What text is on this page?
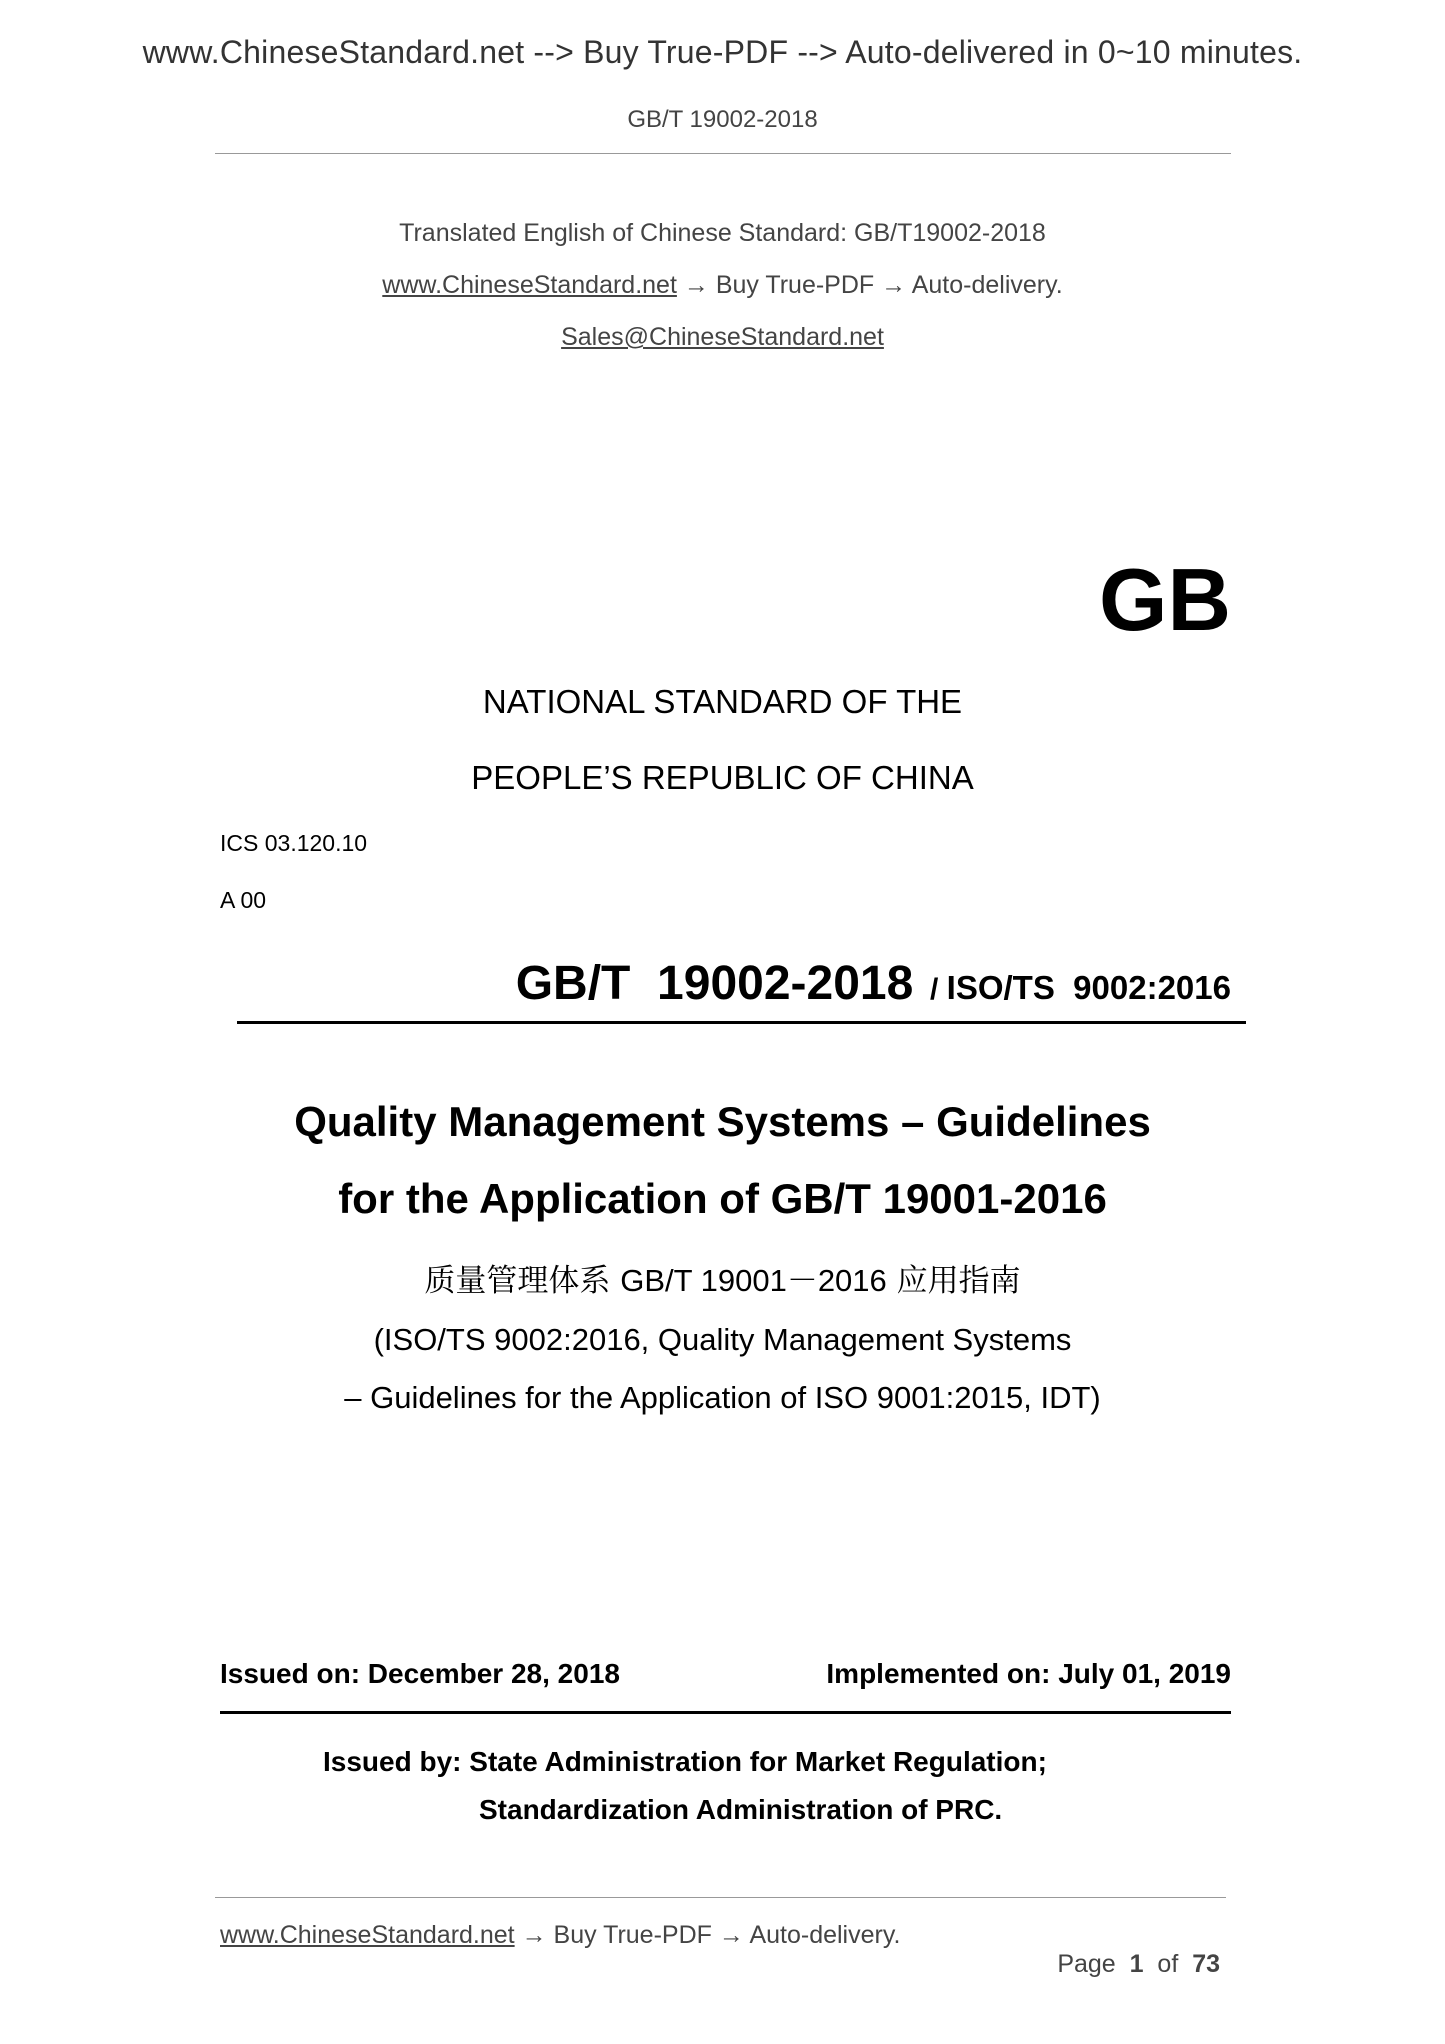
www.ChineseStandard.net --> Buy True-PDF --> Auto-delivered in 0~10 minutes.
GB/T 19002-2018
Translated English of Chinese Standard: GB/T19002-2018
www.ChineseStandard.net → Buy True-PDF → Auto-delivery.
Sales@ChineseStandard.net
GB
NATIONAL STANDARD OF THE
PEOPLE’S REPUBLIC OF CHINA
ICS 03.120.10
A 00

GB/T  19002-2018 / ISO/TS  9002:2016

Quality Management Systems – Guidelines
for the Application of GB/T 19001-2016
质量管理体系 GB/T 19001－2016 应用指南
(ISO/TS 9002:2016, Quality Management Systems
– Guidelines for the Application of ISO 9001:2015, IDT)
Issued on: December 28, 2018	Implemented on: July 01, 2019
Issued by: State Administration for Market Regulation;
Standardization Administration of PRC.
www.ChineseStandard.net → Buy True-PDF → Auto-delivery.

Page 1 of 73
